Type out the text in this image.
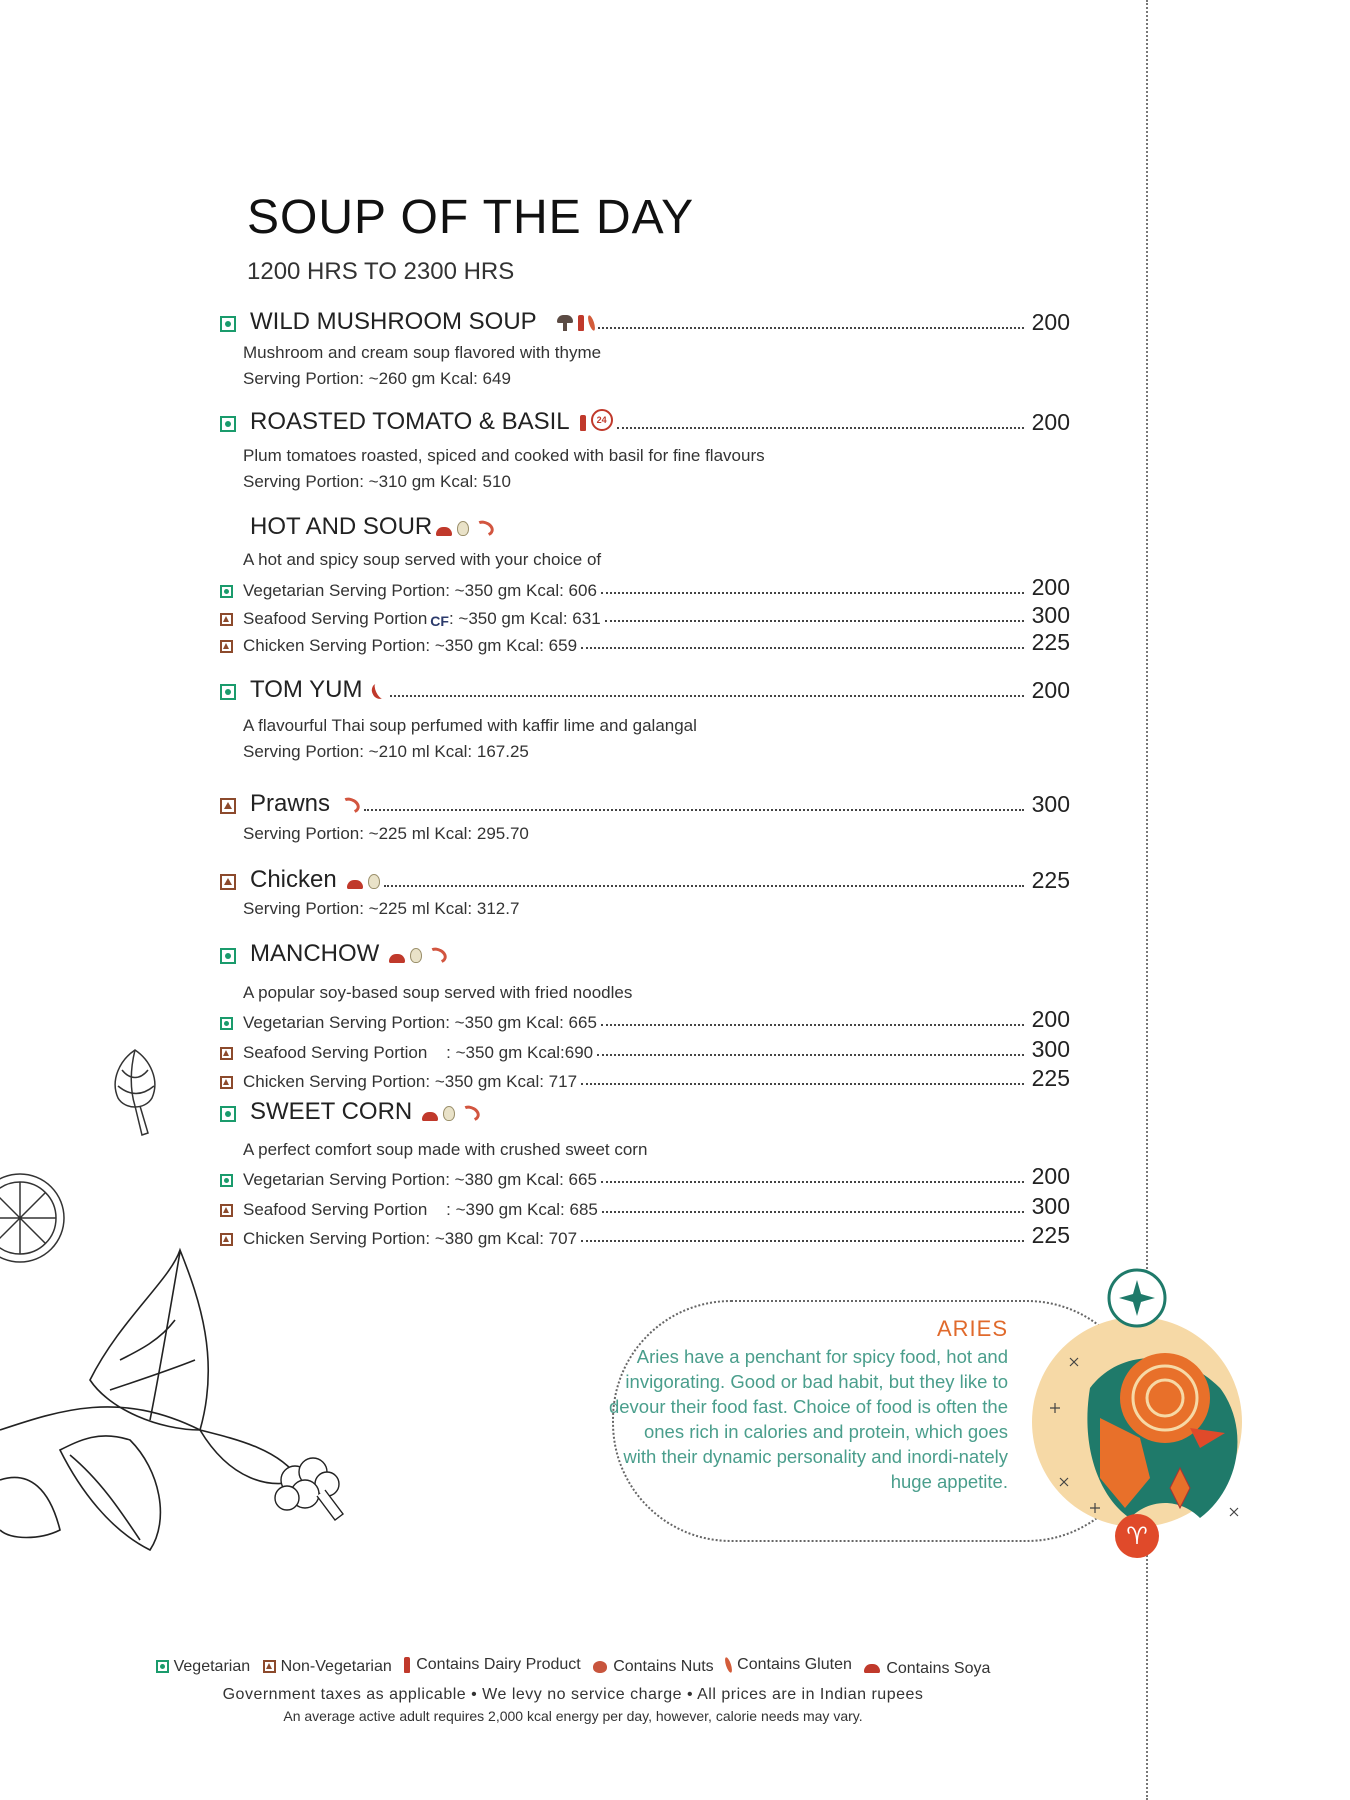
SOUP OF THE DAY
1200 HRS TO 2300 HRS
WILD MUSHROOM SOUP	200
Mushroom and cream soup flavored with thyme
Serving Portion: ~260 gm Kcal: 649
ROASTED TOMATO & BASIL	24	200
Plum tomatoes roasted, spiced and cooked with basil for fine flavours
Serving Portion: ~310 gm Kcal: 510
HOT AND SOUR
A hot and spicy soup served with your choice of
Vegetarian Serving Portion: ~350 gm Kcal: 606	200
Seafood Serving Portion CF : ~350 gm Kcal: 631	300
Chicken Serving Portion: ~350 gm Kcal: 659	225
TOM YUM	200
A flavourful Thai soup perfumed with kaffir lime and galangal
Serving Portion: ~210 ml Kcal: 167.25
Prawns	300
Serving Portion: ~225 ml Kcal: 295.70
Chicken	225
Serving Portion: ~225 ml Kcal: 312.7
MANCHOW
A popular soy-based soup served with fried noodles
Vegetarian Serving Portion: ~350 gm Kcal: 665	200
Seafood Serving Portion    : ~350 gm Kcal:690	300
Chicken Serving Portion: ~350 gm Kcal: 717	225
SWEET CORN
A perfect comfort soup made with crushed sweet corn
Vegetarian Serving Portion: ~380 gm Kcal: 665	200
Seafood Serving Portion    : ~390 gm Kcal: 685	300
Chicken Serving Portion: ~380 gm Kcal: 707	225
ARIES
Aries have a penchant for spicy food, hot and invigorating. Good or bad habit, but they like to devour their food fast. Choice of food is often the ones rich in calories and protein, which goes with their dynamic personality and inordi-nately huge appetite.
♈
Vegetarian
Non-Vegetarian
Contains Dairy Product
Contains Nuts
Contains Gluten
Contains Soya
Government taxes as applicable • We levy no service charge • All prices are in Indian rupees
An average active adult requires 2,000 kcal energy per day, however, calorie needs may vary.
